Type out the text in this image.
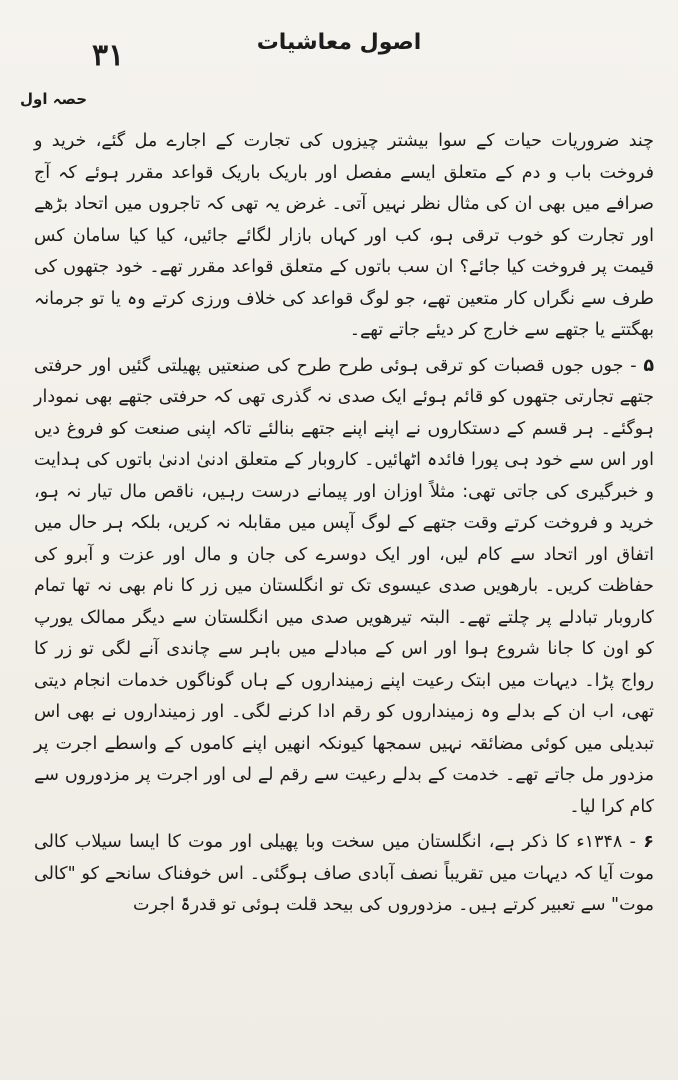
۳۱	اصول معاشیات
حصہ اول

چند ضروریات حیات کے سوا بیشتر چیزوں کی تجارت کے اجارے مل گئے، خرید و فروخت باب و دم کے متعلق ایسے مفصل اور باریک باریک قواعد مقرر ہوئے کہ آج صرافے میں بھی ان کی مثال نظر نہیں آتی۔ غرض یہ تھی کہ تاجروں میں اتحاد بڑھے اور تجارت کو خوب ترقی ہو، کب اور کہاں بازار لگائے جائیں، کیا کیا سامان کس قیمت پر فروخت کیا جائے؟ ان سب باتوں کے متعلق قواعد مقرر تھے۔ خود جتھوں کی طرف سے نگراں کار متعین تھے، جو لوگ قواعد کی خلاف ورزی کرتے وہ یا تو جرمانہ بھگتتے یا جتھے سے خارج کر دیئے جاتے تھے۔

۵ - جوں جوں قصبات کو ترقی ہوئی طرح طرح کی صنعتیں پھیلتی گئیں اور حرفتی جتھے تجارتی جتھوں کو قائم ہوئے ایک صدی نہ گذری تھی کہ حرفتی جتھے بھی نمودار ہوگئے۔ ہر قسم کے دستکاروں نے اپنے اپنے جتھے بنالئے تاکہ اپنی صنعت کو فروغ دیں اور اس سے خود ہی پورا فائدہ اٹھائیں۔ کاروبار کے متعلق ادنیٰ ادنیٰ باتوں کی ہدایت و خبرگیری کی جاتی تھی: مثلاً اوزان اور پیمانے درست رہیں، ناقص مال تیار نہ ہو، خرید و فروخت کرتے وقت جتھے کے لوگ آپس میں مقابلہ نہ کریں، بلکہ ہر حال میں اتفاق اور اتحاد سے کام لیں، اور ایک دوسرے کی جان و مال اور عزت و آبرو کی حفاظت کریں۔ بارھویں صدی عیسوی تک تو انگلستان میں زر کا نام بھی نہ تھا تمام کاروبار تبادلے پر چلتے تھے۔ البتہ تیرھویں صدی میں انگلستان سے دیگر ممالک یورپ کو اون کا جانا شروع ہوا اور اس کے مبادلے میں باہر سے چاندی آنے لگی تو زر کا رواج پڑا۔ دیہات میں ابتک رعیت اپنے زمینداروں کے ہاں گوناگوں خدمات انجام دیتی تھی، اب ان کے بدلے وہ زمینداروں کو رقم ادا کرنے لگی۔ اور زمینداروں نے بھی اس تبدیلی میں کوئی مضائقہ نہیں سمجھا کیونکہ انھیں اپنے کاموں کے واسطے اجرت پر مزدور مل جاتے تھے۔ خدمت کے بدلے رعیت سے رقم لے لی اور اجرت پر مزدوروں سے کام کرا لیا۔

۶ - ۱۳۴۸ء کا ذکر ہے، انگلستان میں سخت وبا پھیلی اور موت کا ایسا سیلاب کالی موت آیا کہ دیہات میں تقریباً نصف آبادی صاف ہوگئی۔ اس خوفناک سانحے کو "کالی موت" سے تعبیر کرتے ہیں۔ مزدوروں کی بیحد قلت ہوئی تو قدرۃً اجرت
